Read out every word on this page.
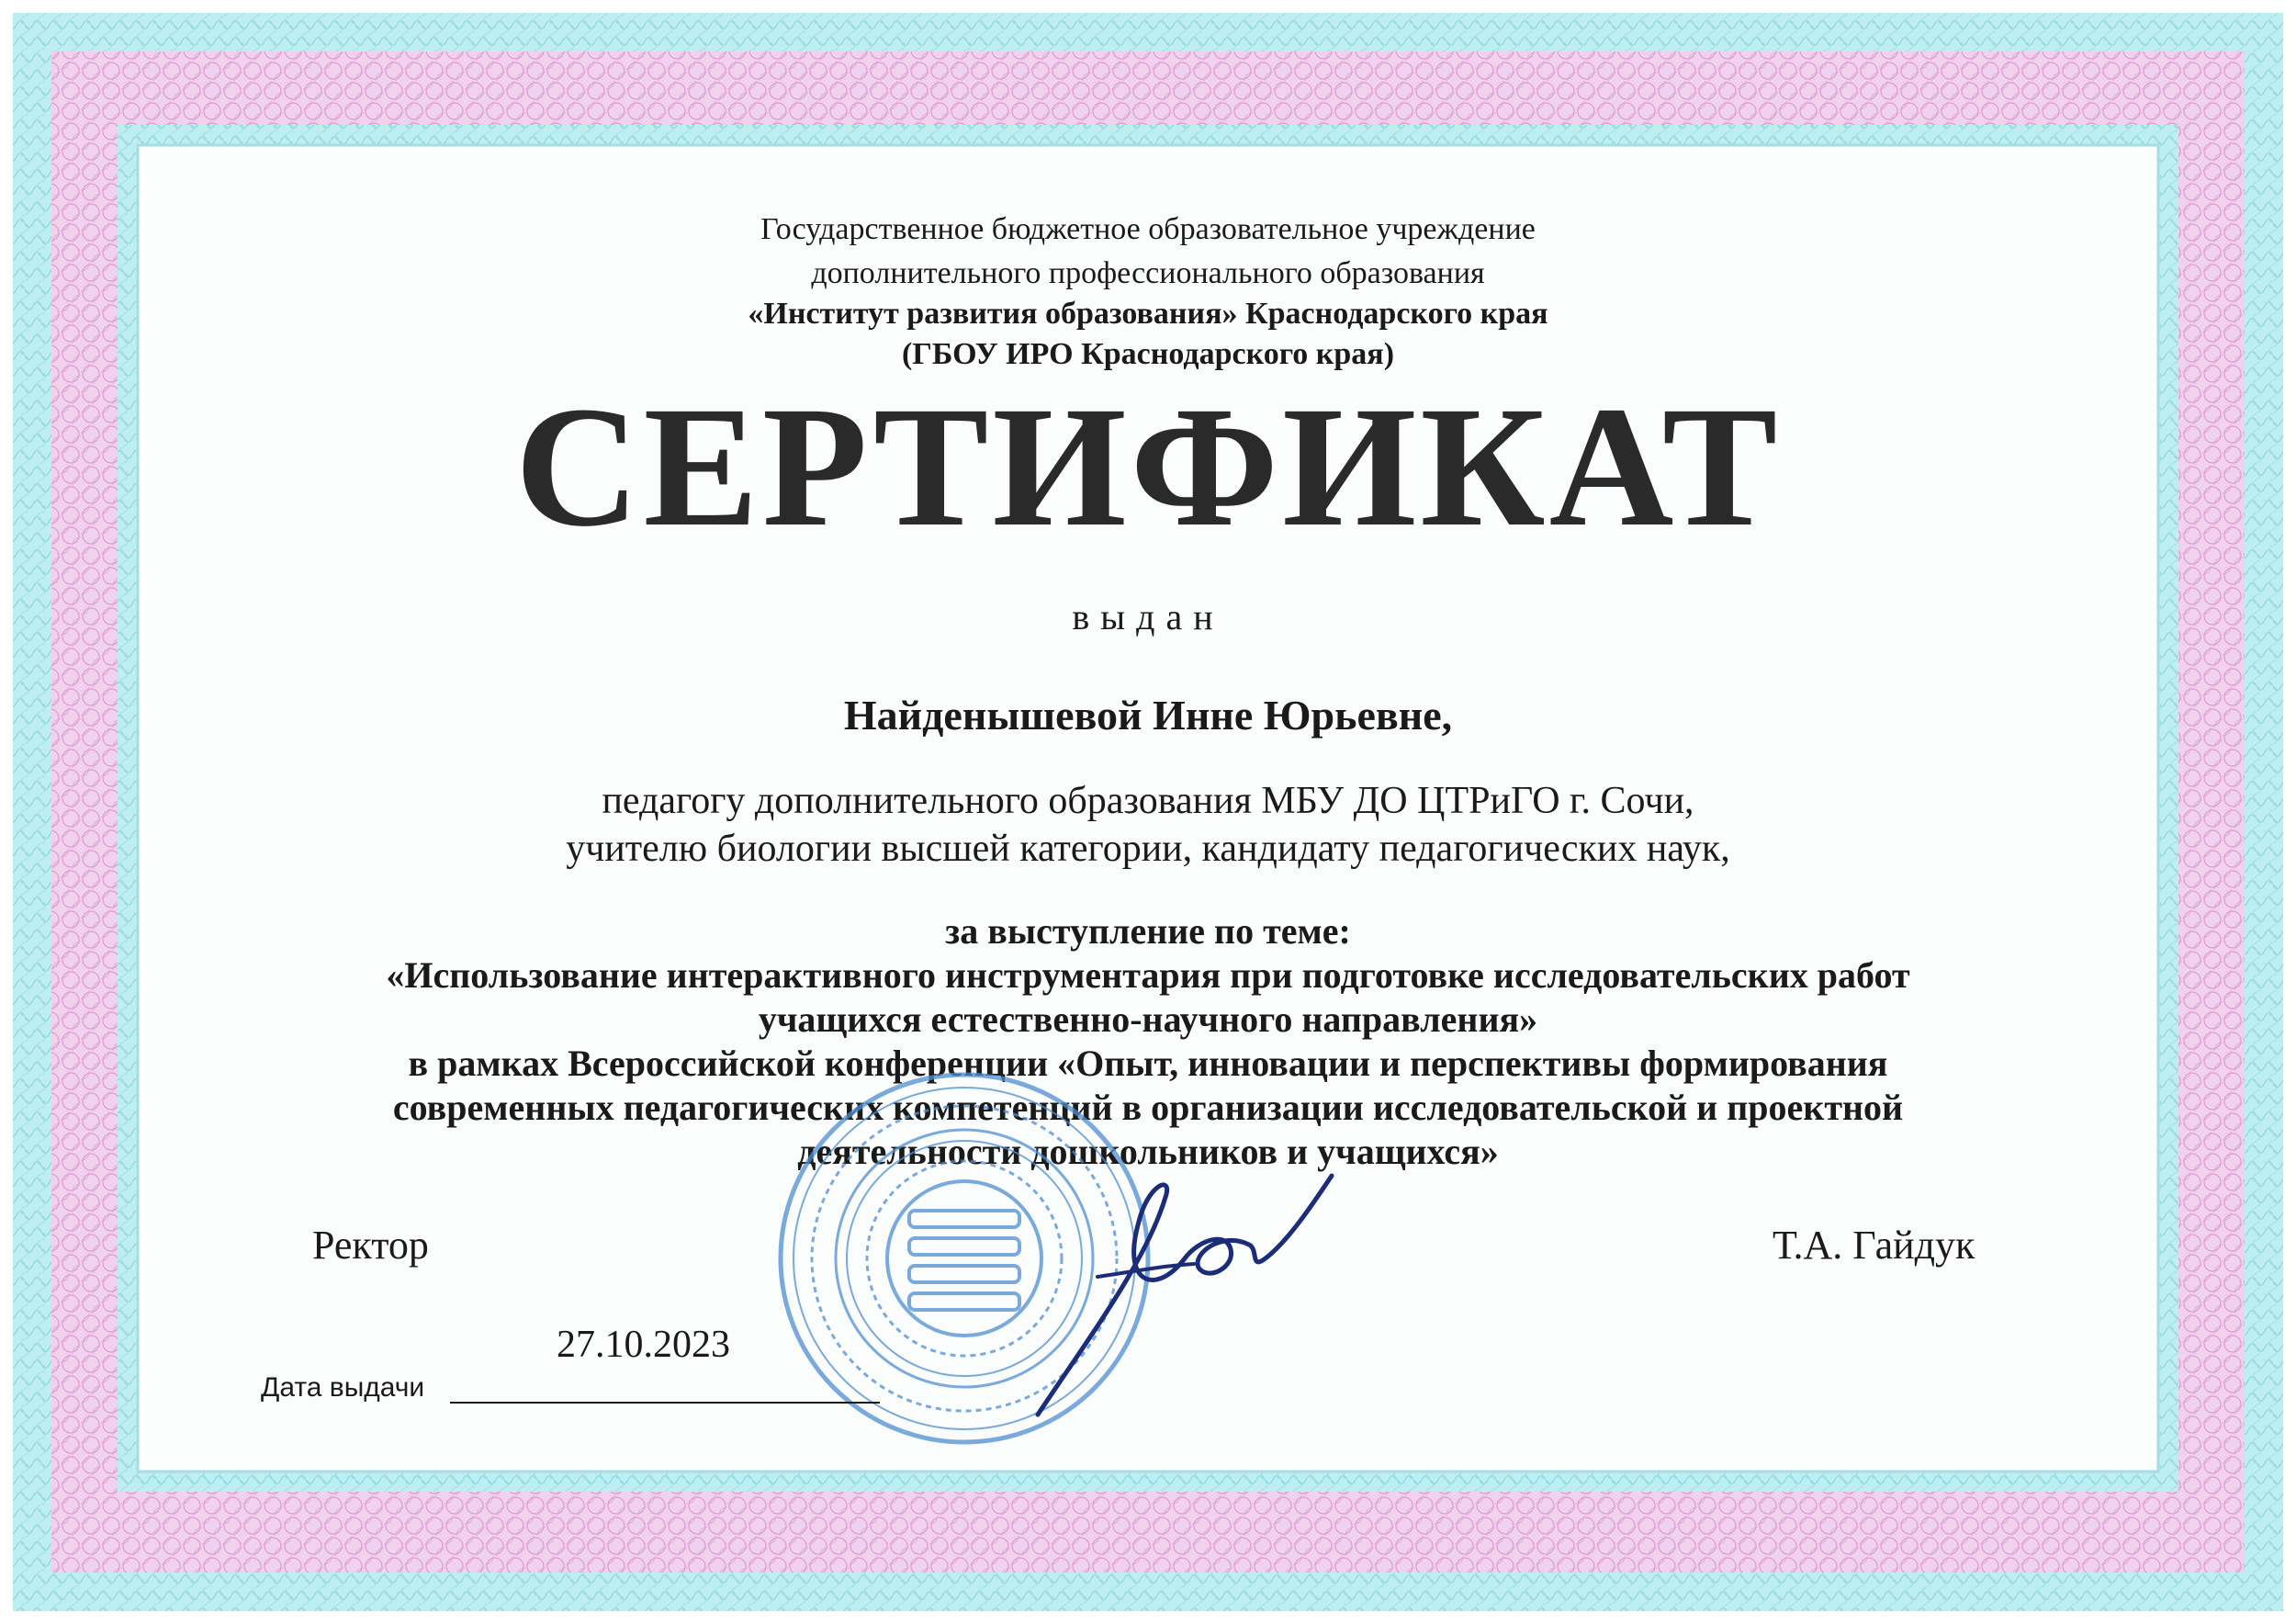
Государственное бюджетное образовательное учреждение
дополнительного профессионального образования
«Институт развития образования» Краснодарского края
(ГБОУ ИРО Краснодарского края)
СЕРТИФИКАТ
выдан
Найденышевой Инне Юрьевне,
педагогу дополнительного образования МБУ ДО ЦТРиГО г. Сочи,
учителю биологии высшей категории, кандидату педагогических наук,
за выступление по теме:
«Использование интерактивного инструментария при подготовке исследовательских работ
учащихся естественно-научного направления»
в рамках Всероссийской конференции «Опыт, инновации и перспективы формирования
современных педагогических компетенций в организации исследовательской и проектной
деятельности дошкольников и учащихся»
Ректор	Т.А. Гайдук
27.10.2023
Дата выдачи
